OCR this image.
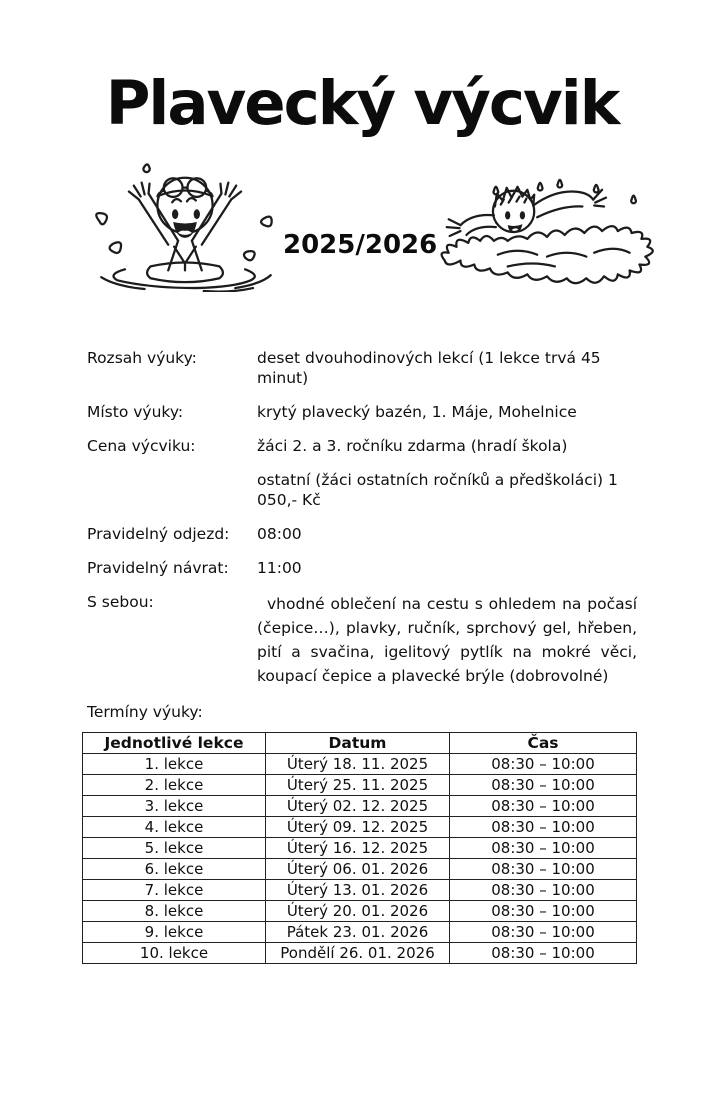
Plavecký výcvik
2025/2026
Rozsah výuky:	deset dvouhodinových lekcí (1 lekce trvá 45 minut)
Místo výuky:	krytý plavecký bazén, 1. Máje, Mohelnice
Cena výcviku:	žáci 2. a 3. ročníku zdarma (hradí škola)
ostatní (žáci ostatních ročníků a předškoláci) 1 050,- Kč
Pravidelný odjezd:	08:00
Pravidelný návrat:	11:00
S sebou:	vhodné oblečení na cestu s ohledem na počasí (čepice…), plavky, ručník, sprchový gel, hřeben, pití a svačina, igelitový pytlík na mokré věci, koupací čepice a plavecké brýle (dobrovolné)
Termíny výuky:
Jednotlivé lekce	Datum	Čas
1. lekce	Úterý 18. 11. 2025	08:30 – 10:00
2. lekce	Úterý 25. 11. 2025	08:30 – 10:00
3. lekce	Úterý 02. 12. 2025	08:30 – 10:00
4. lekce	Úterý 09. 12. 2025	08:30 – 10:00
5. lekce	Úterý 16. 12. 2025	08:30 – 10:00
6. lekce	Úterý 06. 01. 2026	08:30 – 10:00
7. lekce	Úterý 13. 01. 2026	08:30 – 10:00
8. lekce	Úterý 20. 01. 2026	08:30 – 10:00
9. lekce	Pátek 23. 01. 2026	08:30 – 10:00
10. lekce	Pondělí 26. 01. 2026	08:30 – 10:00
